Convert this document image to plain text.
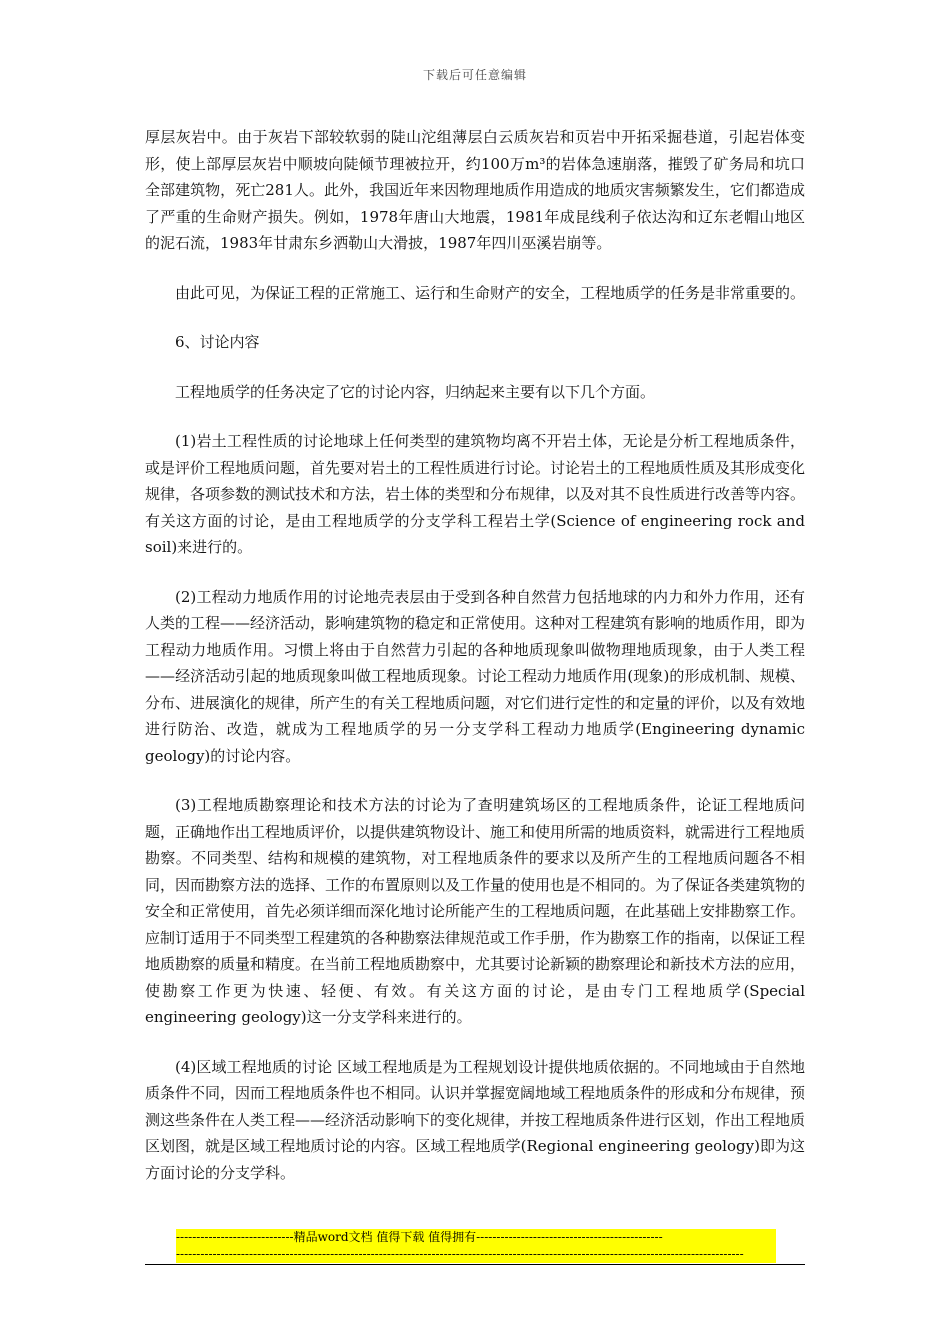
下载后可任意编辑

厚层灰岩中。由于灰岩下部较软弱的陡山沱组薄层白云质灰岩和页岩中开拓采掘巷道，引起岩体变形，使上部厚层灰岩中顺坡向陡倾节理被拉开，约100万m³的岩体急速崩落，摧毁了矿务局和坑口全部建筑物，死亡281人。此外，我国近年来因物理地质作用造成的地质灾害频繁发生，它们都造成了严重的生命财产损失。例如，1978年唐山大地震，1981年成昆线利子依达沟和辽东老帽山地区的泥石流，1983年甘肃东乡洒勒山大滑披，1987年四川巫溪岩崩等。

由此可见，为保证工程的正常施工、运行和生命财产的安全，工程地质学的任务是非常重要的。

6、讨论内容

工程地质学的任务决定了它的讨论内容，归纳起来主要有以下几个方面。

(1)岩土工程性质的讨论地球上任何类型的建筑物均离不开岩土体，无论是分析工程地质条件，或是评价工程地质问题，首先要对岩土的工程性质进行讨论。讨论岩土的工程地质性质及其形成变化规律，各项参数的测试技术和方法，岩土体的类型和分布规律，以及对其不良性质进行改善等内容。有关这方面的讨论，是由工程地质学的分支学科工程岩土学(Science of engineering rock and soil)来进行的。

(2)工程动力地质作用的讨论地壳表层由于受到各种自然营力包括地球的内力和外力作用，还有人类的工程——经济活动，影响建筑物的稳定和正常使用。这种对工程建筑有影响的地质作用，即为工程动力地质作用。习惯上将由于自然营力引起的各种地质现象叫做物理地质现象，由于人类工程——经济活动引起的地质现象叫做工程地质现象。讨论工程动力地质作用(现象)的形成机制、规模、分布、进展演化的规律，所产生的有关工程地质问题，对它们进行定性的和定量的评价，以及有效地进行防治、改造，就成为工程地质学的另一分支学科工程动力地质学(Engineering dynamic geology)的讨论内容。

(3)工程地质勘察理论和技术方法的讨论为了查明建筑场区的工程地质条件，论证工程地质问题，正确地作出工程地质评价，以提供建筑物设计、施工和使用所需的地质资料，就需进行工程地质勘察。不同类型、结构和规模的建筑物，对工程地质条件的要求以及所产生的工程地质问题各不相同，因而勘察方法的选择、工作的布置原则以及工作量的使用也是不相同的。为了保证各类建筑物的安全和正常使用，首先必须详细而深化地讨论所能产生的工程地质问题，在此基础上安排勘察工作。应制订适用于不同类型工程建筑的各种勘察法律规范或工作手册，作为勘察工作的指南，以保证工程地质勘察的质量和精度。在当前工程地质勘察中，尤其要讨论新颖的勘察理论和新技术方法的应用，使勘察工作更为快速、轻便、有效。有关这方面的讨论，是由专门工程地质学(Special engineering geology)这一分支学科来进行的。

(4)区域工程地质的讨论 区域工程地质是为工程规划设计提供地质依据的。不同地域由于自然地质条件不同，因而工程地质条件也不相同。认识并掌握宽阔地域工程地质条件的形成和分布规律，预测这些条件在人类工程——经济活动影响下的变化规律，并按工程地质条件进行区划，作出工程地质区划图，就是区域工程地质讨论的内容。区域工程地质学(Regional engineering geology)即为这方面讨论的分支学科。

-----------------------------精品word文档 值得下载 值得拥有----------------------------------------------
--------------------------------------------------------------------------------------------------------------------------------------------
